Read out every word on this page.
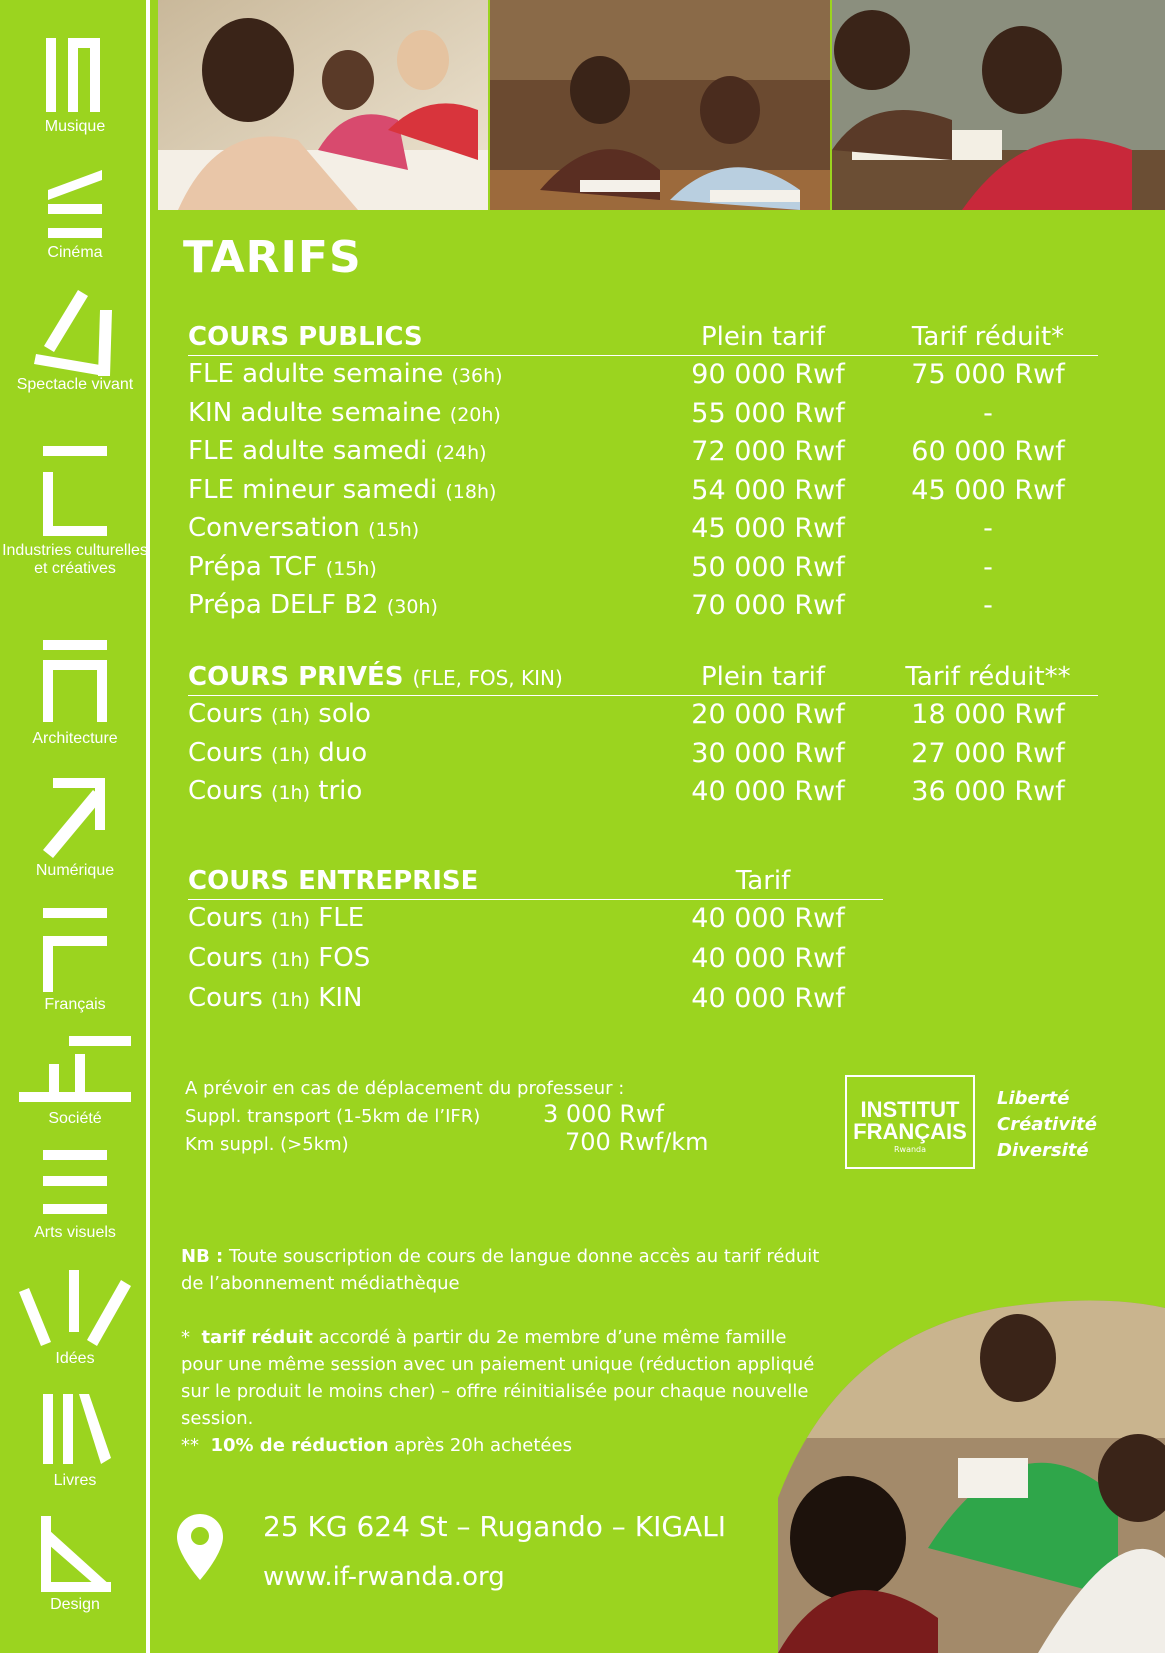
Musique
Cinéma
Spectacle vivant
Industries culturelles et créatives
Architecture
Numérique
Français
Société
Arts visuels
Idées
Livres
Design
TARIFS
COURS PUBLICS	Plein tarif	Tarif réduit*
FLE adulte semaine (36h)	90 000 Rwf	75 000 Rwf
KIN adulte semaine (20h)	55 000 Rwf	-
FLE adulte samedi (24h)	72 000 Rwf	60 000 Rwf
FLE mineur samedi (18h)	54 000 Rwf	45 000 Rwf
Conversation (15h)	45 000 Rwf	-
Prépa TCF (15h)	50 000 Rwf	-
Prépa DELF B2 (30h)	70 000 Rwf	-
COURS PRIVÉS (FLE, FOS, KIN)	Plein tarif	Tarif réduit**
Cours (1h) solo	20 000 Rwf	18 000 Rwf
Cours (1h) duo	30 000 Rwf	27 000 Rwf
Cours (1h) trio	40 000 Rwf	36 000 Rwf
COURS ENTREPRISE	Tarif
Cours (1h) FLE	40 000 Rwf
Cours (1h) FOS	40 000 Rwf
Cours (1h) KIN	40 000 Rwf
A prévoir en cas de déplacement du professeur :
Suppl. transport (1-5km de l’IFR)	3 000 Rwf
Km suppl. (>5km)	700 Rwf/km
INSTITUT
FRANÇAIS
Rwanda
Liberté
Créativité
Diversité

NB : Toute souscription de cours de langue donne accès au tarif réduit de l’abonnement médiathèque

* tarif réduit accordé à partir du 2e membre d’une même famille pour une même session avec un paiement unique (réduction appliqué sur le produit le moins cher) – offre réinitialisée pour chaque nouvelle session.
** 10% de réduction après 20h achetées
25 KG 624 St – Rugando – KIGALI
www.if-rwanda.org
